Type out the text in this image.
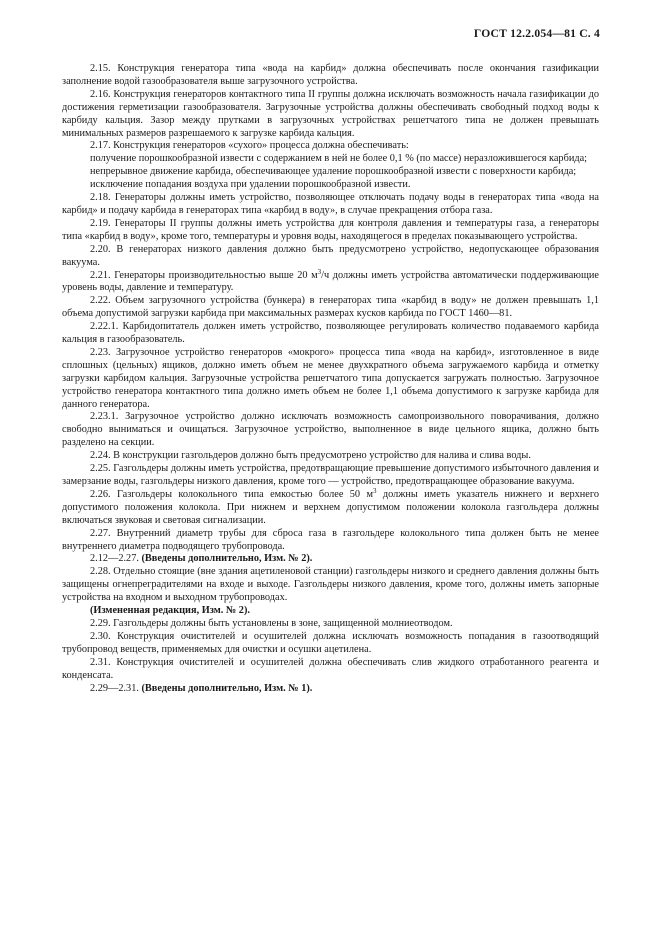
ГОСТ 12.2.054—81 С. 4

2.15. Конструкция генератора типа «вода на карбид» должна обеспечивать после окончания газификации заполнение водой газообразователя выше загрузочного устройства.

2.16. Конструкция генераторов контактного типа II группы должна исключать возможность начала газификации до достижения герметизации газообразователя. Загрузочные устройства должны обеспечивать свободный подход воды к карбиду кальция. Зазор между прутками в загрузочных устройствах решетчатого типа не должен превышать минимальных размеров разрешаемого к загрузке карбида кальция.

2.17. Конструкция генераторов «сухого» процесса должна обеспечивать:

получение порошкообразной извести с содержанием в ней не более 0,1 % (по массе) неразложившегося карбида;

непрерывное движение карбида, обеспечивающее удаление порошкообразной извести с поверхности карбида;

исключение попадания воздуха при удалении порошкообразной извести.

2.18. Генераторы должны иметь устройство, позволяющее отключать подачу воды в генераторах типа «вода на карбид» и подачу карбида в генераторах типа «карбид в воду», в случае прекращения отбора газа.

2.19. Генераторы II группы должны иметь устройства для контроля давления и температуры газа, а генераторы типа «карбид в воду», кроме того, температуры и уровня воды, находящегося в пределах показывающего устройства.

2.20. В генераторах низкого давления должно быть предусмотрено устройство, недопускающее образования вакуума.

2.21. Генераторы производительностью выше 20 $м^3/ч$ должны иметь устройства автоматически поддерживающие уровень воды, давление и температуру.

2.22. Объем загрузочного устройства (бункера) в генераторах типа «карбид в воду» не должен превышать 1,1 объема допустимой загрузки карбида при максимальных размерах кусков карбида по ГОСТ 1460—81.

2.22.1. Карбидопитатель должен иметь устройство, позволяющее регулировать количество подаваемого карбида кальция в газообразователь.

2.23. Загрузочное устройство генераторов «мокрого» процесса типа «вода на карбид», изготовленное в виде сплошных (цельных) ящиков, должно иметь объем не менее двухкратного объема загружаемого карбида и отметку загрузки карбидом кальция. Загрузочные устройства решетчатого типа допускается загружать полностью. Загрузочное устройство генератора контактного типа должно иметь объем не более 1,1 объема допустимого к загрузке карбида для данного генератора.

2.23.1. Загрузочное устройство должно исключать возможность самопроизвольного поворачивания, должно свободно выниматься и очищаться. Загрузочное устройство, выполненное в виде цельного ящика, должно быть разделено на секции.

2.24. В конструкции газгольдеров должно быть предусмотрено устройство для налива и слива воды.

2.25. Газгольдеры должны иметь устройства, предотвращающие превышение допустимого избыточного давления и замерзание воды, газгольдеры низкого давления, кроме того — устройство, предотвращающее образование вакуума.

2.26. Газгольдеры колокольного типа емкостью более 50 $м^3$ должны иметь указатель нижнего и верхнего допустимого положения колокола. При нижнем и верхнем допустимом положении колокола газгольдера должны включаться звуковая и световая сигнализации.

2.27. Внутренний диаметр трубы для сброса газа в газгольдере колокольного типа должен быть не менее внутреннего диаметра подводящего трубопровода.

2.12—2.27. (Введены дополнительно, Изм. № 2).

2.28. Отдельно стоящие (вне здания ацетиленовой станции) газгольдеры низкого и среднего давления должны быть защищены огнепреградителями на входе и выходе. Газгольдеры низкого давления, кроме того, должны иметь запорные устройства на входном и выходном трубопроводах.

(Измененная редакция, Изм. № 2).

2.29. Газгольдеры должны быть установлены в зоне, защищенной молниеотводом.

2.30. Конструкция очистителей и осушителей должна исключать возможность попадания в газоотводящий трубопровод веществ, применяемых для очистки и осушки ацетилена.

2.31. Конструкция очистителей и осушителей должна обеспечивать слив жидкого отработанного реагента и конденсата.

2.29—2.31. (Введены дополнительно, Изм. № 1).
